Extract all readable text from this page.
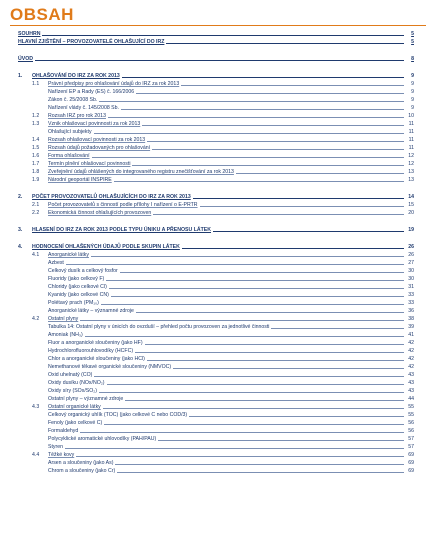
OBSAH
SOUHRN	5
HLAVNÍ ZJIŠTĚNÍ – PROVOZOVATELÉ OHLAŠUJÍCÍ DO IRZ	5
ÚVOD	8
1.	OHLAŠOVÁNÍ DO IRZ ZA ROK 2013	9
1.1	Právní předpisy pro ohlašování údajů do IRZ za rok 2013	9
Nařízení EP a Rady (ES) č. 166/2006	9
Zákon č. 25/2008 Sb.	9
Nařízení vlády č. 145/2008 Sb.	9
1.2	Rozsah IRZ pro rok 2013	10
1.3	Vznik ohlašovací povinnosti za rok 2013	11
Ohlašující subjekty	11
1.4	Rozsah ohlašovací povinnosti za rok 2013	11
1.5	Rozsah údajů požadovaných pro ohlašování	11
1.6	Forma ohlašování	12
1.7	Termín plnění ohlašovací povinnosti	12
1.8	Zveřejnění údajů ohlášených do integrovaného registru znečišťování za rok 2013	13
1.9	Národní geoportál INSPIRE	13
2.	POČET PROVOZOVATELŮ OHLAŠUJÍCÍCH DO IRZ ZA ROK 2013	14
2.1	Počet provozovatelů s činností podle přílohy I nařízení o E-PRTR	15
2.2	Ekonomická činnost ohlašujících provozoven	20
3.	HLASENÍ DO IRZ ZA ROK 2013 PODLE TYPU ÚNIKU A PŘENOSU LÁTEK	19
4.	HODNOCENÍ OHLAŠENÝCH ÚDAJŮ PODLE SKUPIN LÁTEK	26
4.1	Anorganické látky	26
Azbest	27
Celkový dusík a celkový fosfor	30
Fluoridy (jako celkový F)	30
Chloridy (jako celkové Cl)	31
Kyanidy (jako celkové CN)	33
Polétavý prach (PM₁₀)	33
Anorganické látky – významné zdroje	36
4.2	Ostatní plyny	38
Tabulka 14: Ostatní plyny v únicích do ovzduší – přehled počtu provozoven za jednotlivé činnosti	39
Amoniak (NH₃)	41
Fluor a anorganické sloučeniny (jako HF)	42
Hydrochlorofluorouhlovodíky (HCFC)	42
Chlor a anorganické sloučeniny (jako HCl)	42
Nemethanové těkavé organické sloučeniny (NMVOC)	42
Oxid uhelnatý (CO)	43
Oxidy dusíku (NOx/NO₂)	43
Oxidy síry (SOx/SO₂)	43
Ostatní plyny – významné zdroje	44
4.3	Ostatní organické látky	55
Celkový organický uhlík (TOC) (jako celkové C nebo COD/3)	55
Fenoly (jako celkové C)	56
Formaldehyd	56
Polycyklické aromatické uhlovodíky (PAH/PAU)	57
Styren	57
4.4	Těžké kovy	69
Arsen a sloučeniny (jako As)	69
Chrom a sloučeniny (jako Cr)	69
